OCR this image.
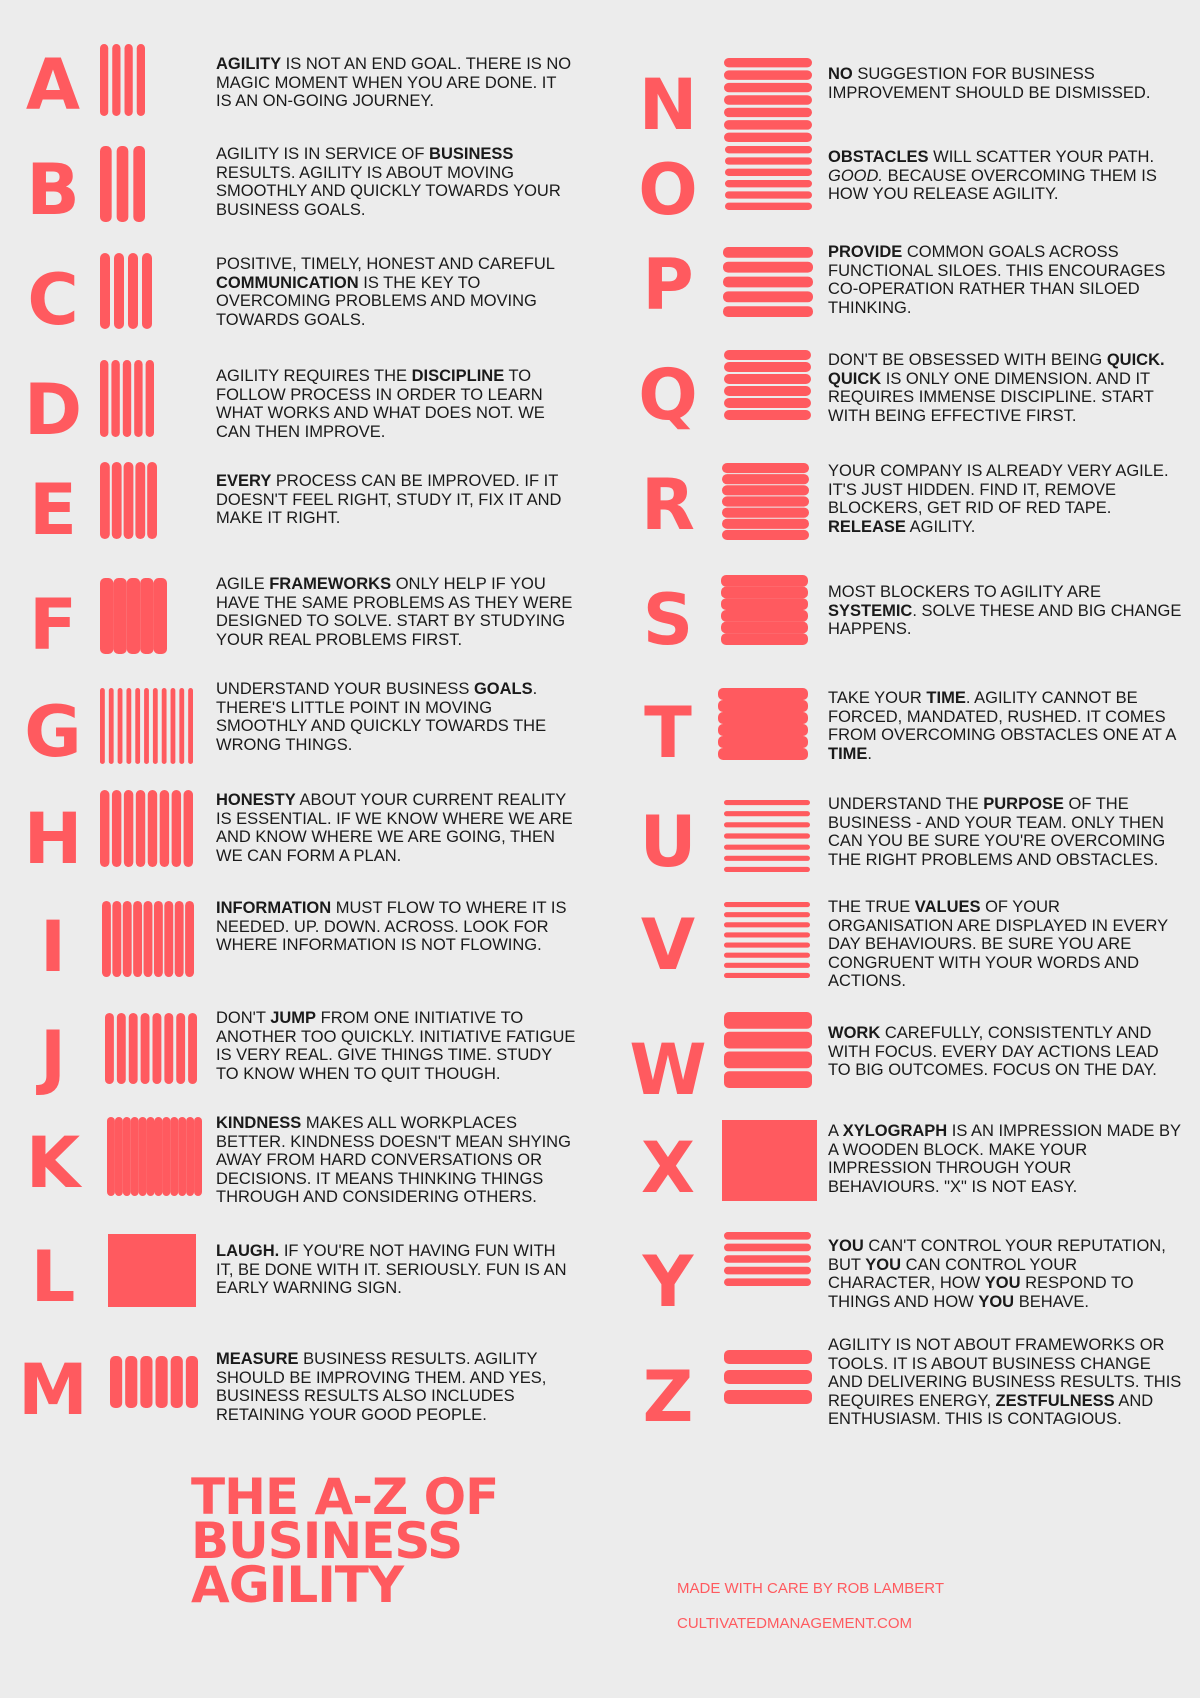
A	AGILITY IS NOT AN END GOAL. THERE IS NO MAGIC MOMENT WHEN YOU ARE DONE. IT IS AN ON-GOING JOURNEY.
B	AGILITY IS IN SERVICE OF BUSINESS RESULTS. AGILITY IS ABOUT MOVING SMOOTHLY AND QUICKLY TOWARDS YOUR BUSINESS GOALS.
C	POSITIVE, TIMELY, HONEST AND CAREFUL COMMUNICATION IS THE KEY TO OVERCOMING PROBLEMS AND MOVING TOWARDS GOALS.
D	AGILITY REQUIRES THE DISCIPLINE TO FOLLOW PROCESS IN ORDER TO LEARN WHAT WORKS AND WHAT DOES NOT. WE CAN THEN IMPROVE.
E	EVERY PROCESS CAN BE IMPROVED. IF IT DOESN'T FEEL RIGHT, STUDY IT, FIX IT AND MAKE IT RIGHT.
F	AGILE FRAMEWORKS ONLY HELP IF YOU HAVE THE SAME PROBLEMS AS THEY WERE DESIGNED TO SOLVE. START BY STUDYING YOUR REAL PROBLEMS FIRST.
G
UNDERSTAND YOUR BUSINESS GOALS. THERE'S LITTLE POINT IN MOVING SMOOTHLY AND QUICKLY TOWARDS THE WRONG THINGS.
H	HONESTY ABOUT YOUR CURRENT REALITY IS ESSENTIAL. IF WE KNOW WHERE WE ARE AND KNOW WHERE WE ARE GOING, THEN WE CAN FORM A PLAN.
I	INFORMATION MUST FLOW TO WHERE IT IS NEEDED. UP. DOWN. ACROSS. LOOK FOR WHERE INFORMATION IS NOT FLOWING.
J	DON'T JUMP FROM ONE INITIATIVE TO ANOTHER TOO QUICKLY. INITIATIVE FATIGUE IS VERY REAL. GIVE THINGS TIME. STUDY TO KNOW WHEN TO QUIT THOUGH.
K	KINDNESS MAKES ALL WORKPLACES BETTER. KINDNESS DOESN'T MEAN SHYING AWAY FROM HARD CONVERSATIONS OR DECISIONS. IT MEANS THINKING THINGS THROUGH AND CONSIDERING OTHERS.
L	LAUGH. IF YOU'RE NOT HAVING FUN WITH IT, BE DONE WITH IT. SERIOUSLY. FUN IS AN EARLY WARNING SIGN.
M	MEASURE BUSINESS RESULTS. AGILITY SHOULD BE IMPROVING THEM. AND YES, BUSINESS RESULTS ALSO INCLUDES RETAINING YOUR GOOD PEOPLE.
N	NO SUGGESTION FOR BUSINESS IMPROVEMENT SHOULD BE DISMISSED.
O	OBSTACLES WILL SCATTER YOUR PATH. GOOD. BECAUSE OVERCOMING THEM IS HOW YOU RELEASE AGILITY.
P	PROVIDE COMMON GOALS ACROSS FUNCTIONAL SILOES. THIS ENCOURAGES CO-OPERATION RATHER THAN SILOED THINKING.
Q	DON'T BE OBSESSED WITH BEING QUICK. QUICK IS ONLY ONE DIMENSION. AND IT REQUIRES IMMENSE DISCIPLINE. START WITH BEING EFFECTIVE FIRST.
R	YOUR COMPANY IS ALREADY VERY AGILE. IT'S JUST HIDDEN. FIND IT, REMOVE BLOCKERS, GET RID OF RED TAPE. RELEASE AGILITY.
S	MOST BLOCKERS TO AGILITY ARE SYSTEMIC. SOLVE THESE AND BIG CHANGE HAPPENS.
T	TAKE YOUR TIME. AGILITY CANNOT BE FORCED, MANDATED, RUSHED. IT COMES FROM OVERCOMING OBSTACLES ONE AT A TIME.
U	UNDERSTAND THE PURPOSE OF THE BUSINESS - AND YOUR TEAM. ONLY THEN CAN YOU BE SURE YOU'RE OVERCOMING THE RIGHT PROBLEMS AND OBSTACLES.
V	THE TRUE VALUES OF YOUR ORGANISATION ARE DISPLAYED IN EVERY DAY BEHAVIOURS. BE SURE YOU ARE CONGRUENT WITH YOUR WORDS AND ACTIONS.
W	WORK CAREFULLY, CONSISTENTLY AND WITH FOCUS. EVERY DAY ACTIONS LEAD TO BIG OUTCOMES. FOCUS ON THE DAY.
X	A XYLOGRAPH IS AN IMPRESSION MADE BY A WOODEN BLOCK. MAKE YOUR IMPRESSION THROUGH YOUR BEHAVIOURS. "X" IS NOT EASY.
Y	YOU CAN'T CONTROL YOUR REPUTATION, BUT YOU CAN CONTROL YOUR CHARACTER, HOW YOU RESPOND TO THINGS AND HOW YOU BEHAVE.
Z
AGILITY IS NOT ABOUT FRAMEWORKS OR TOOLS. IT IS ABOUT BUSINESS CHANGE AND DELIVERING BUSINESS RESULTS. THIS REQUIRES ENERGY, ZESTFULNESS AND ENTHUSIASM. THIS IS CONTAGIOUS.
THE A-Z OF
BUSINESS
AGILITY	MADE WITH CARE BY ROB LAMBERT
CULTIVATEDMANAGEMENT.COM
